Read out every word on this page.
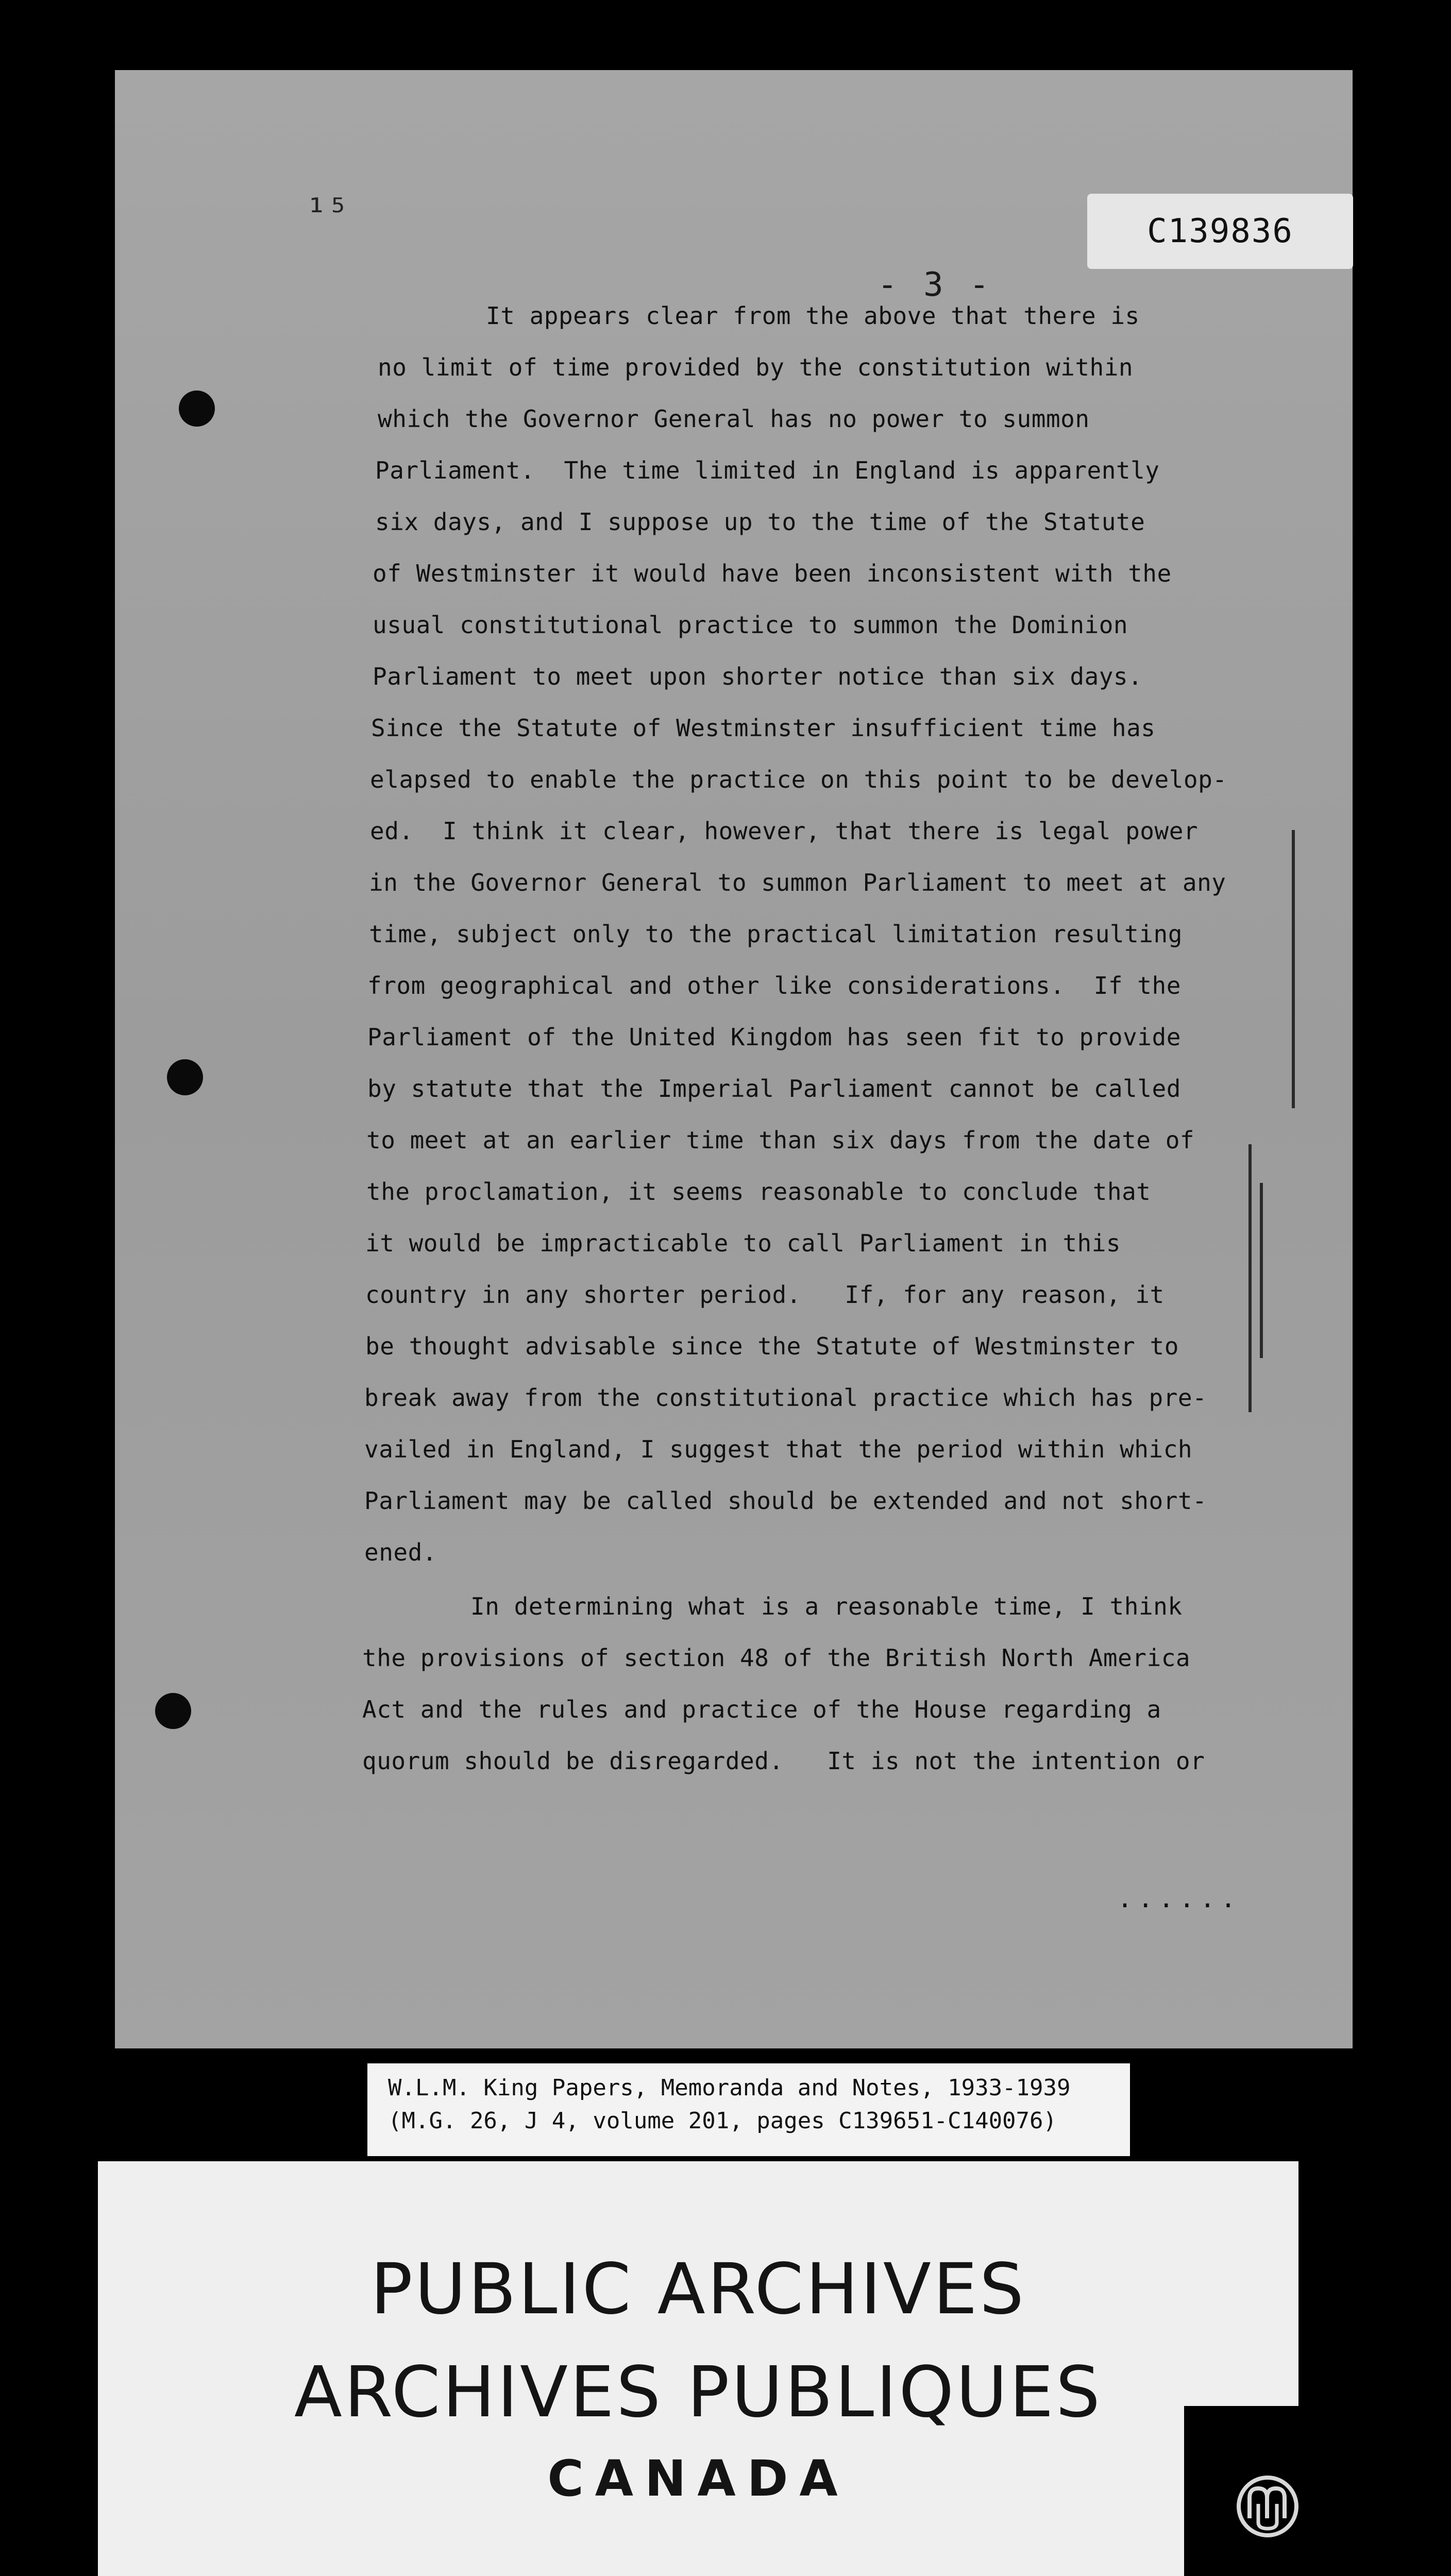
¹⁵	C139836
- 3 -
It appears clear from the above that there is
no limit of time provided by the constitution within
which the Governor General has no power to summon
Parliament.  The time limited in England is apparently
six days, and I suppose up to the time of the Statute
of Westminster it would have been inconsistent with the
usual constitutional practice to summon the Dominion
Parliament to meet upon shorter notice than six days.
Since the Statute of Westminster insufficient time has
elapsed to enable the practice on this point to be develop-
ed.  I think it clear, however, that there is legal power
in the Governor General to summon Parliament to meet at any
time, subject only to the practical limitation resulting
from geographical and other like considerations.  If the
Parliament of the United Kingdom has seen fit to provide
by statute that the Imperial Parliament cannot be called
to meet at an earlier time than six days from the date of
the proclamation, it seems reasonable to conclude that
it would be impracticable to call Parliament in this
country in any shorter period.   If, for any reason, it
be thought advisable since the Statute of Westminster to
break away from the constitutional practice which has pre-
vailed in England, I suggest that the period within which
Parliament may be called should be extended and not short-
ened.
In determining what is a reasonable time, I think
the provisions of section 48 of the British North America
Act and the rules and practice of the House regarding a
quorum should be disregarded.   It is not the intention or
......
W.L.M. King Papers, Memoranda and Notes, 1933-1939
(M.G. 26, J 4, volume 201, pages C139651-C140076)
PUBLIC ARCHIVES
ARCHIVES PUBLIQUES
CANADA
